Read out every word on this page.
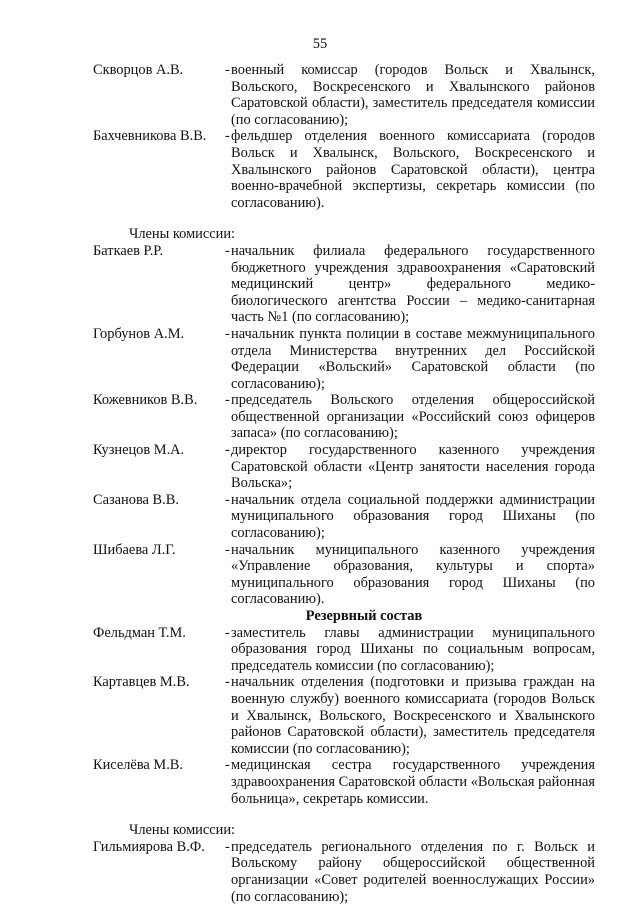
55
Скворцов А.В.	- военный комиссар (городов Вольск и Хвалынск, Вольского, Воскресенского и Хвалынского районов Саратовской области), заместитель председателя комиссии (по согласованию);
Бахчевникова В.В.	- фельдшер отделения военного комиссариата (городов Вольск и Хвалынск, Вольского, Воскресенского и Хвалынского районов Саратовской области), центра военно-врачебной экспертизы, секретарь комиссии (по согласованию).
Члены комиссии:
Баткаев Р.Р.	- начальник филиала федерального государственного бюджетного учреждения здравоохранения «Саратовский медицинский центр» федерального медико-биологического агентства России – медико-санитарная часть №1 (по согласованию);
Горбунов А.М.	- начальник пункта полиции в составе межмуниципального отдела Министерства внутренних дел Российской Федерации «Вольский» Саратовской области (по согласованию);
Кожевников В.В.	- председатель Вольского отделения общероссийской общественной организации «Российский союз офицеров запаса» (по согласованию);
Кузнецов М.А.	- директор государственного казенного учреждения Саратовской области «Центр занятости населения города Вольска»;
Сазанова В.В.	- начальник отдела социальной поддержки администрации муниципального образования город Шиханы (по согласованию);
Шибаева Л.Г.	- начальник муниципального казенного учреждения «Управление образования, культуры и спорта» муниципального образования город Шиханы (по согласованию).
Резервный состав
Фельдман Т.М.	- заместитель главы администрации муниципального образования город Шиханы по социальным вопросам, председатель комиссии (по согласованию);
Картавцев М.В.	- начальник отделения (подготовки и призыва граждан на военную службу) военного комиссариата (городов Вольск и Хвалынск, Вольского, Воскресенского и Хвалынского районов Саратовской области), заместитель председателя комиссии (по согласованию);
Киселёва М.В.	- медицинская сестра государственного учреждения здравоохранения Саратовской области «Вольская районная больница», секретарь комиссии.
Члены комиссии:
Гильмиярова В.Ф.	- председатель регионального отделения по г. Вольск и Вольскому району общероссийской общественной организации «Совет родителей военнослужащих России» (по согласованию);
